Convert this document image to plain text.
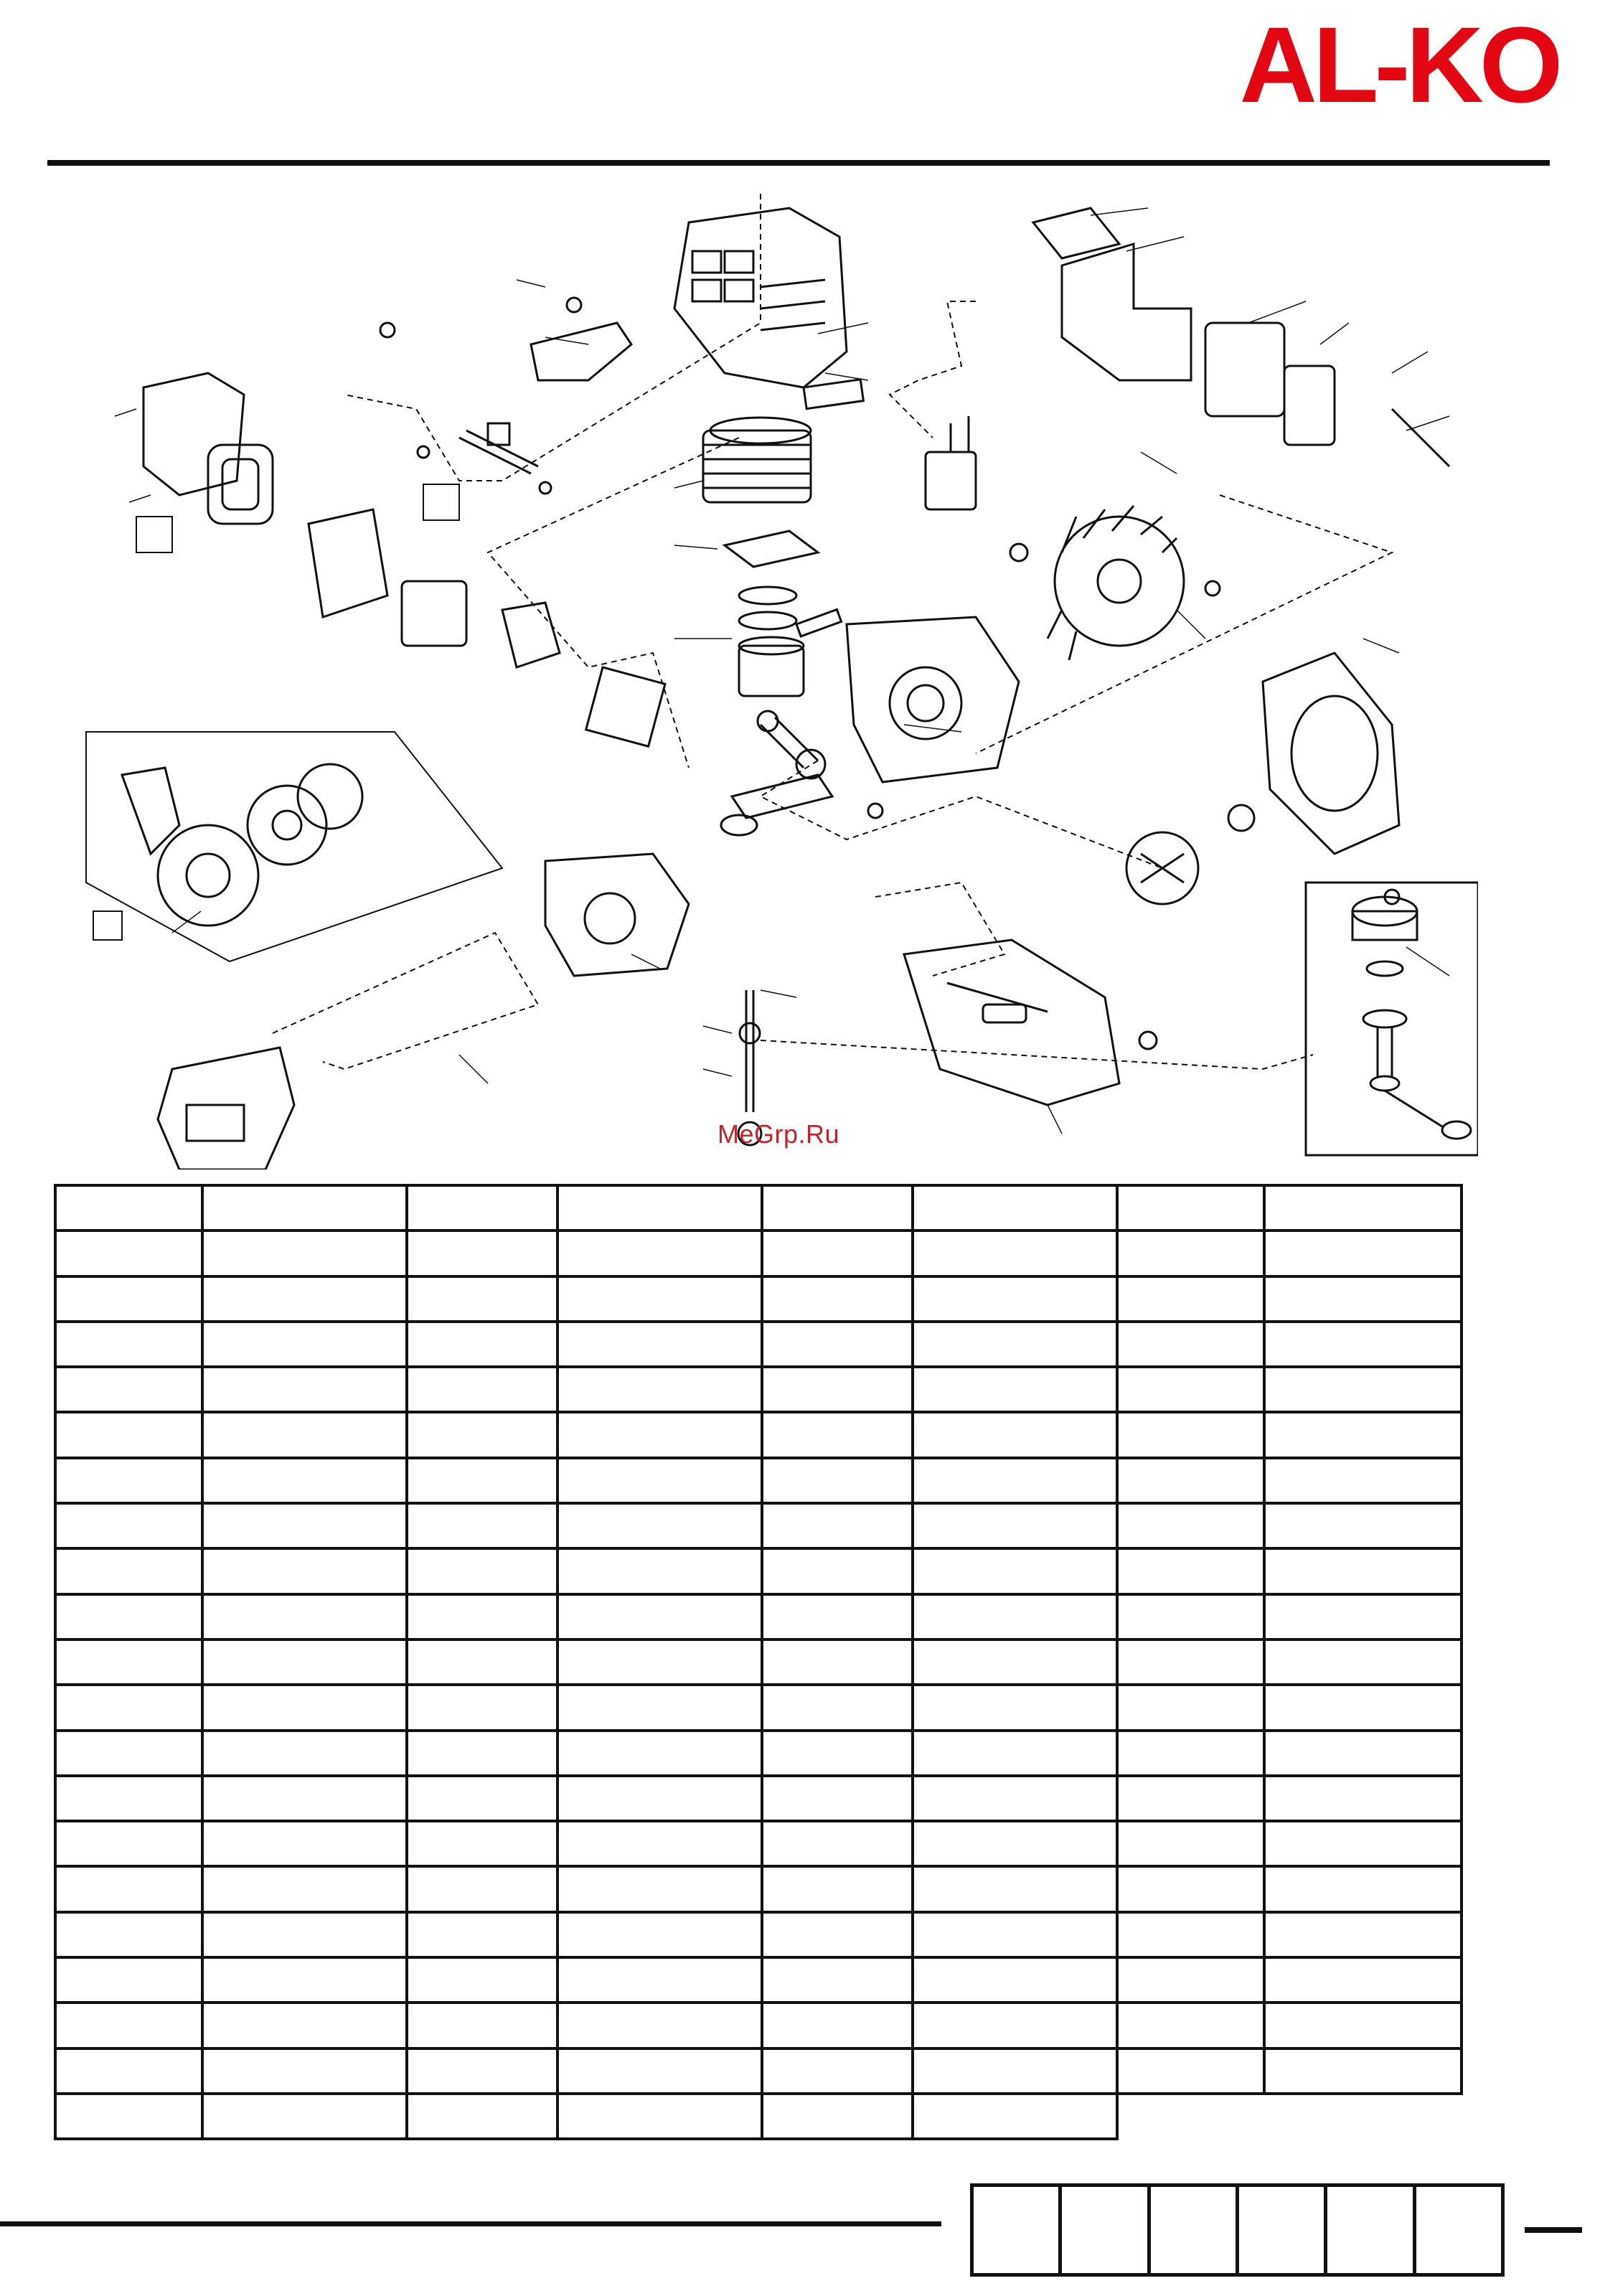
AL-KO
MeGrp.Ru
